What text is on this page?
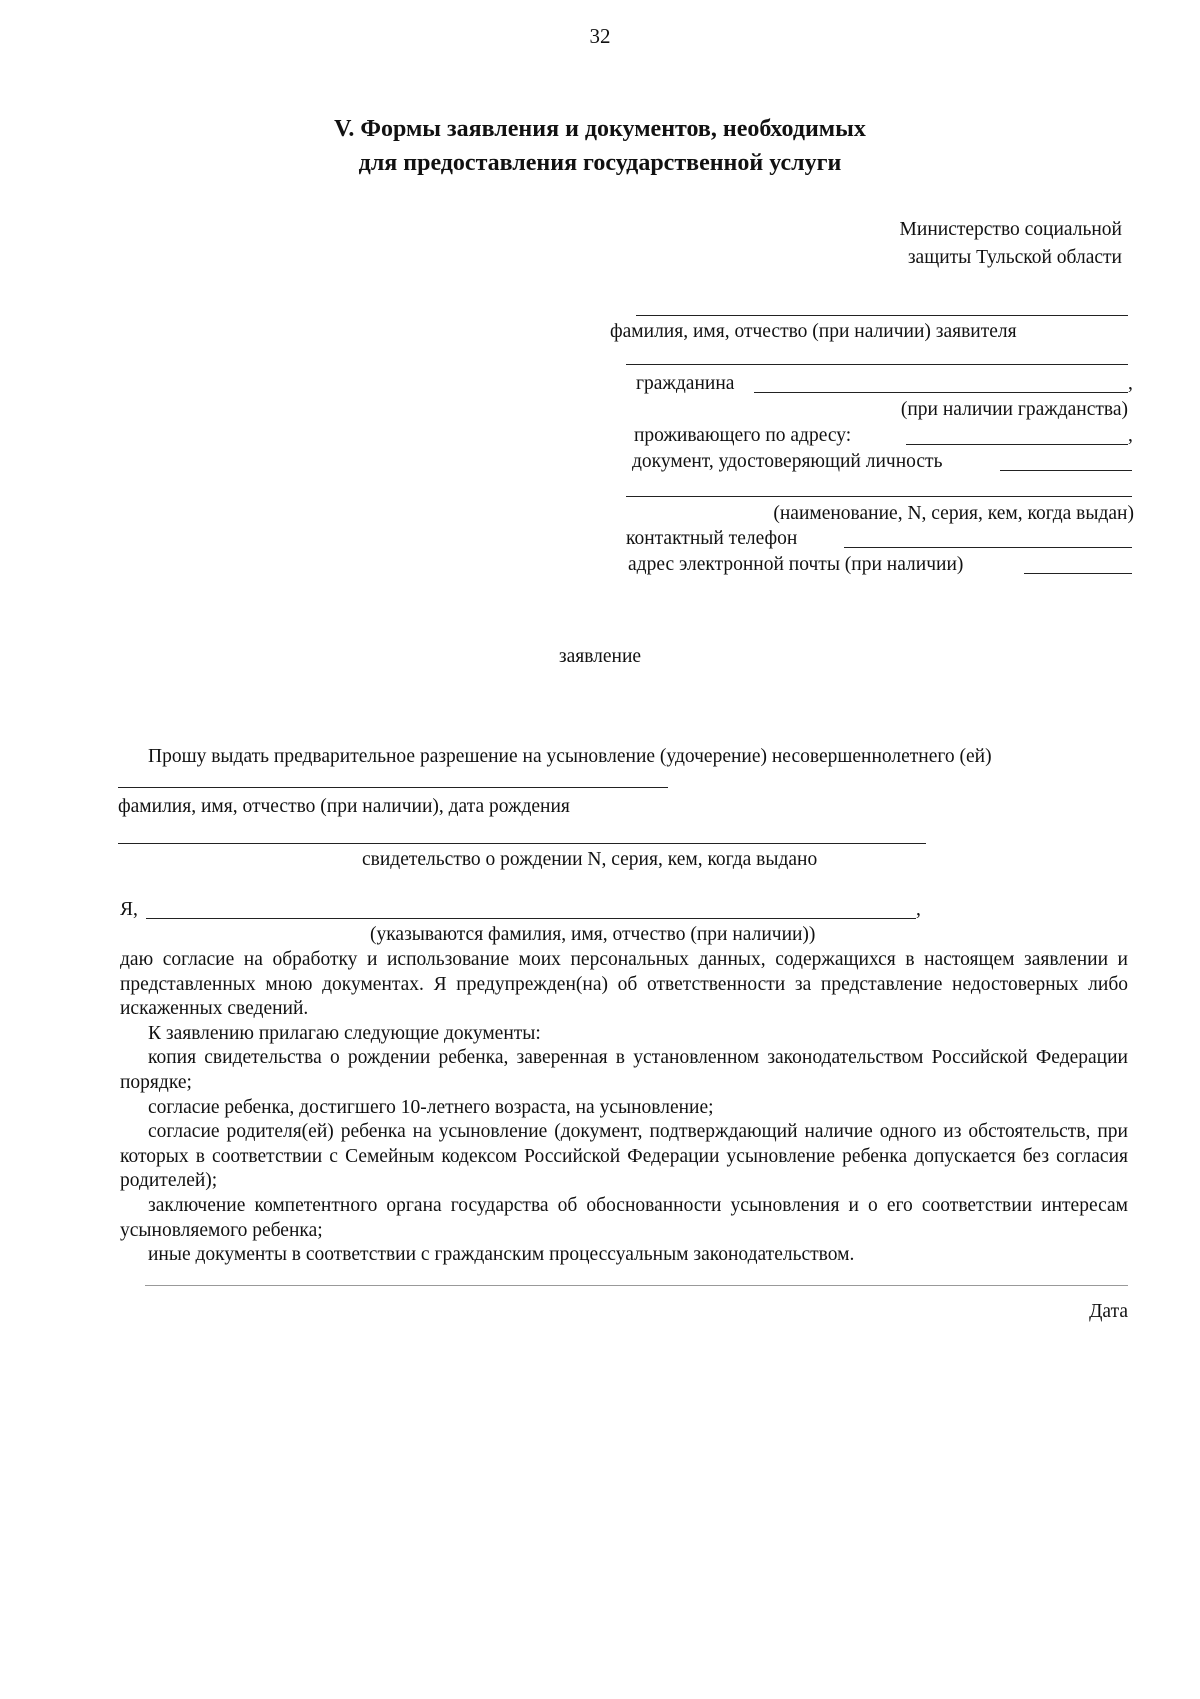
32
V. Формы заявления и документов, необходимых
для предоставления государственной услуги
Министерство социальной
защиты Тульской области
фамилия, имя, отчество (при наличии) заявителя
гражданина	,
(при наличии гражданства)
проживающего по адресу:	,
документ, удостоверяющий личность
(наименование, N, серия, кем, когда выдан)
контактный телефон
адрес электронной почты (при наличии)
заявление
Прошу выдать предварительное разрешение на усыновление (удочерение) несовершеннолетнего (ей)
фамилия, имя, отчество (при наличии), дата рождения
свидетельство о рождении N, серия, кем, когда выдано
Я,	,
(указываются фамилия, имя, отчество (при наличии))

даю согласие на обработку и использование моих персональных данных, содержащихся в настоящем заявлении и представленных мною документах. Я предупрежден(на) об ответственности за представление недостоверных либо искаженных сведений.

К заявлению прилагаю следующие документы:

копия свидетельства о рождении ребенка, заверенная в установленном законодательством Российской Федерации порядке;

согласие ребенка, достигшего 10-летнего возраста, на усыновление;

согласие родителя(ей) ребенка на усыновление (документ, подтверждающий наличие одного из обстоятельств, при которых в соответствии с Семейным кодексом Российской Федерации усыновление ребенка допускается без согласия родителей);

заключение компетентного органа государства об обоснованности усыновления и о его соответствии интересам усыновляемого ребенка;

иные документы в соответствии с гражданским процессуальным законодательством.

Дата
